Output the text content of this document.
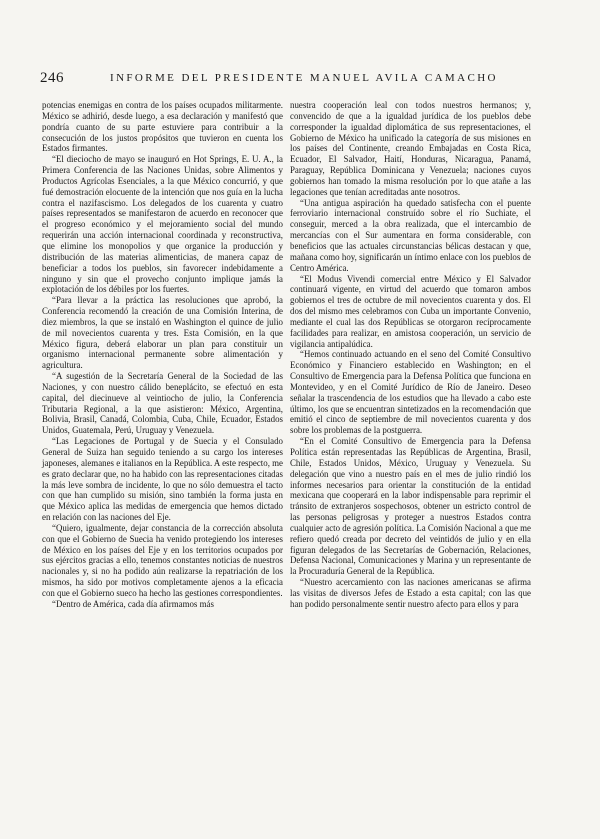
246	INFORME DEL PRESIDENTE MANUEL AVILA CAMACHO

potencias enemigas en contra de los países ocupados militarmente. México se adhirió, desde luego, a esa declaración y manifestó que pondría cuanto de su parte estuviere para contribuir a la consecución de los justos propósitos que tuvieron en cuenta los Estados firmantes.

“El dieciocho de mayo se inauguró en Hot Springs, E. U. A., la Primera Conferencia de las Naciones Unidas, sobre Alimentos y Productos Agrícolas Esenciales, a la que México concurrió, y que fué demostración elocuente de la intención que nos guía en la lucha contra el nazifascismo. Los delegados de los cuarenta y cuatro países representados se manifestaron de acuerdo en reconocer que el progreso económico y el mejoramiento social del mundo requerirán una acción internacional coordinada y reconstructiva, que elimine los monopolios y que organice la producción y distribución de las materias alimenticias, de manera capaz de beneficiar a todos los pueblos, sin favorecer indebidamente a ninguno y sin que el provecho conjunto implique jamás la explotación de los débiles por los fuertes.

“Para llevar a la práctica las resoluciones que aprobó, la Conferencia recomendó la creación de una Comisión Interina, de diez miembros, la que se instaló en Washington el quince de julio de mil novecientos cuarenta y tres. Esta Comisión, en la que México figura, deberá elaborar un plan para constituir un organismo internacional permanente sobre alimentación y agricultura.

“A sugestión de la Secretaría General de la Sociedad de las Naciones, y con nuestro cálido beneplácito, se efectuó en esta capital, del diecinueve al veintiocho de julio, la Conferencia Tributaria Regional, a la que asistieron: México, Argentina, Bolivia, Brasil, Canadá, Colombia, Cuba, Chile, Ecuador, Estados Unidos, Guatemala, Perú, Uruguay y Venezuela.

“Las Legaciones de Portugal y de Suecia y el Consulado General de Suiza han seguido teniendo a su cargo los intereses japoneses, alemanes e italianos en la República. A este respecto, me es grato declarar que, no ha habido con las representaciones citadas la más leve sombra de incidente, lo que no sólo demuestra el tacto con que han cumplido su misión, sino también la forma justa en que México aplica las medidas de emergencia que hemos dictado en relación con las naciones del Eje.

“Quiero, igualmente, dejar constancia de la corrección absoluta con que el Gobierno de Suecia ha venido protegiendo los intereses de México en los países del Eje y en los territorios ocupados por sus ejércitos gracias a ello, tenemos constantes noticias de nuestros nacionales y, si no ha podido aún realizarse la repatriación de los mismos, ha sido por motivos completamente ajenos a la eficacia con que el Gobierno sueco ha hecho las gestiones correspondientes.

“Dentro de América, cada día afirmamos más

nuestra cooperación leal con todos nuestros hermanos; y, convencido de que a la igualdad jurídica de los pueblos debe corresponder la igualdad diplomática de sus representaciones, el Gobierno de México ha unificado la categoría de sus misiones en los países del Continente, creando Embajadas en Costa Rica, Ecuador, El Salvador, Haití, Honduras, Nicaragua, Panamá, Paraguay, República Dominicana y Venezuela; naciones cuyos gobiernos han tomado la misma resolución por lo que atañe a las legaciones que tenían acreditadas ante nosotros.

“Una antigua aspiración ha quedado satisfecha con el puente ferroviario internacional construído sobre el río Suchiate, el conseguir, merced a la obra realizada, que el intercambio de mercancías con el Sur aumentara en forma considerable, con beneficios que las actuales circunstancias bélicas destacan y que, mañana como hoy, significarán un íntimo enlace con los pueblos de Centro América.

“El Modus Vivendi comercial entre México y El Salvador continuará vigente, en virtud del acuerdo que tomaron ambos gobiernos el tres de octubre de mil novecientos cuarenta y dos. El dos del mismo mes celebramos con Cuba un importante Convenio, mediante el cual las dos Repúblicas se otorgaron recíprocamente facilidades para realizar, en amistosa cooperación, un servicio de vigilancia antipalúdica.

“Hemos continuado actuando en el seno del Comité Consultivo Económico y Financiero establecido en Washington; en el Consultivo de Emergencia para la Defensa Política que funciona en Montevideo, y en el Comité Jurídico de Río de Janeiro. Deseo señalar la trascendencia de los estudios que ha llevado a cabo este último, los que se encuentran sintetizados en la recomendación que emitió el cinco de septiembre de mil novecientos cuarenta y dos sobre los problemas de la postguerra.

“En el Comité Consultivo de Emergencia para la Defensa Política están representadas las Repúblicas de Argentina, Brasil, Chile, Estados Unidos, México, Uruguay y Venezuela. Su delegación que vino a nuestro país en el mes de julio rindió los informes necesarios para orientar la constitución de la entidad mexicana que cooperará en la labor indispensable para reprimir el tránsito de extranjeros sospechosos, obtener un estricto control de las personas peligrosas y proteger a nuestros Estados contra cualquier acto de agresión política. La Comisión Nacional a que me refiero quedó creada por decreto del veintidós de julio y en ella figuran delegados de las Secretarías de Gobernación, Relaciones, Defensa Nacional, Comunicaciones y Marina y un representante de la Procuraduría General de la República.

“Nuestro acercamiento con las naciones americanas se afirma las visitas de diversos Jefes de Estado a esta capital; con las que han podido personalmente sentir nuestro afecto para ellos y para
